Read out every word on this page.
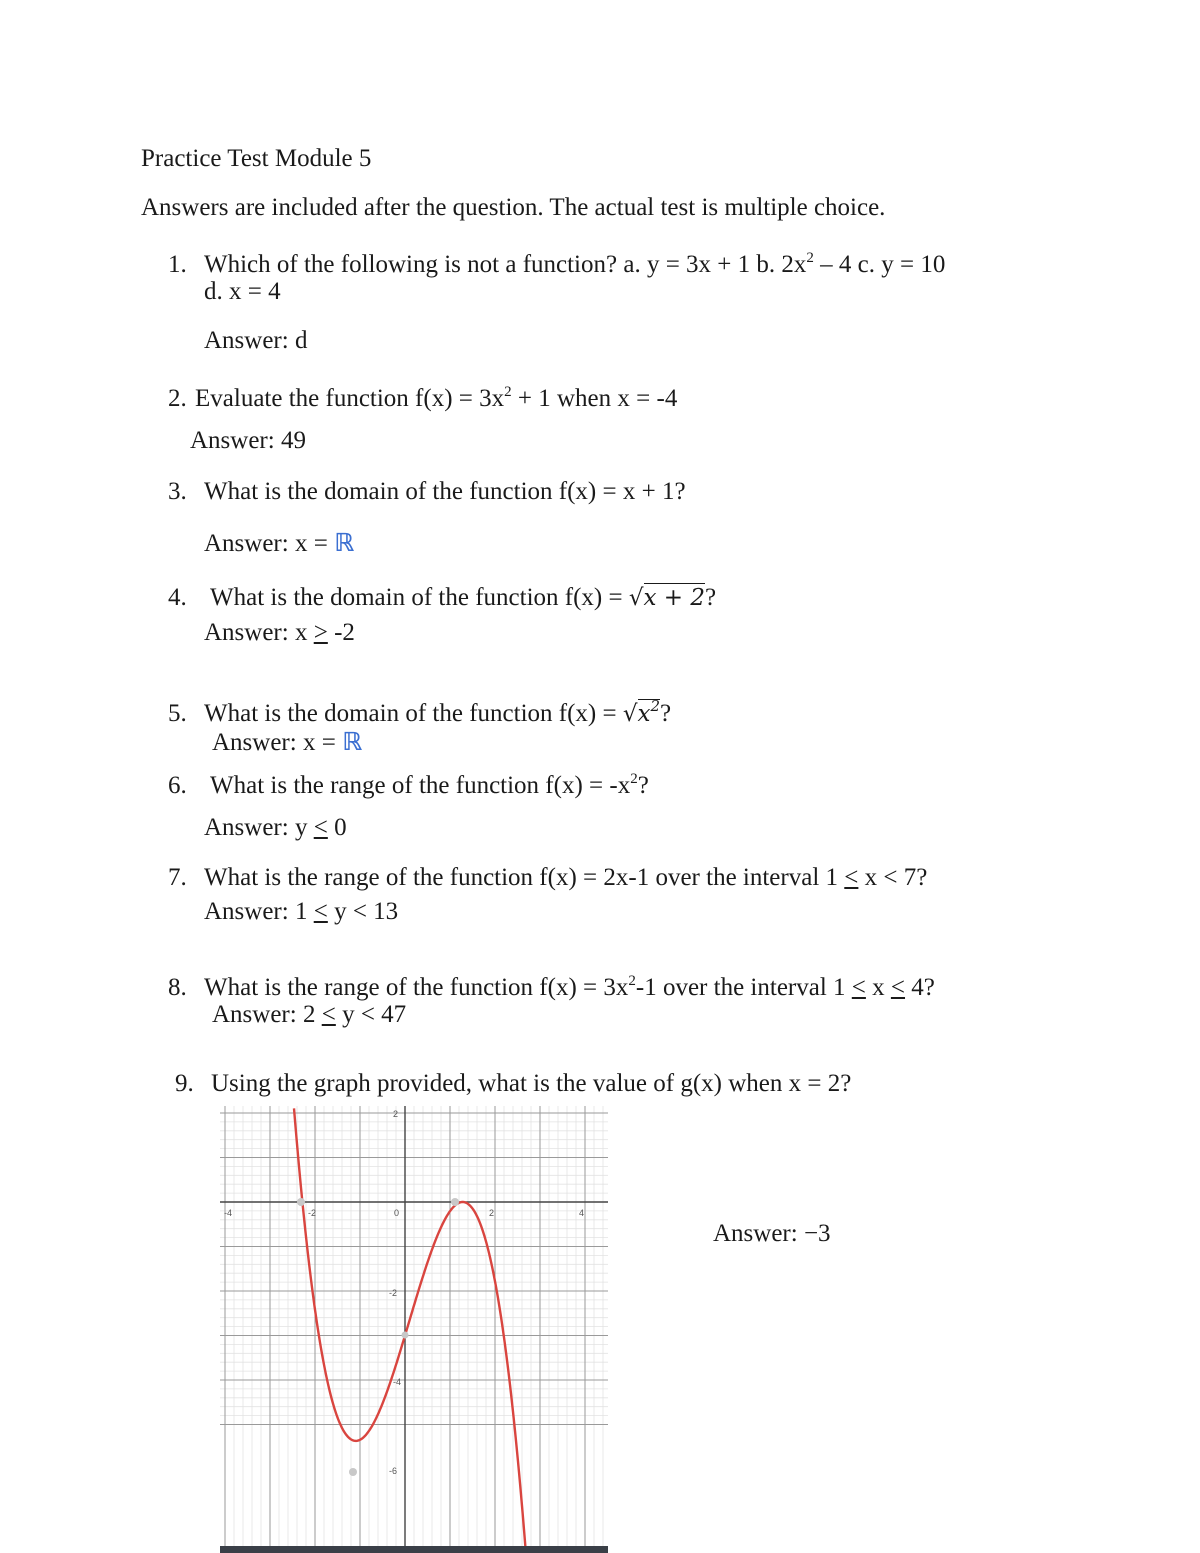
Practice Test Module 5
Answers are included after the question. The actual test is multiple choice.
1. Which of the following is not a function? a. y = 3x + 1 b. $2x^2 - 4$ c. y = 10
d. x = 4
Answer: d
2. Evaluate the function $f(x) = 3x^2 + 1$ when x = -4
Answer: 49
3. What is the domain of the function f(x) = x + 1?
Answer: x = ℝ
4. What is the domain of the function f(x) = √x + 2?
Answer: x ≥ -2
5. What is the domain of the function $f(x) = √x^2$?
Answer: x = ℝ
6. What is the range of the function $f(x) = -x^2$?
Answer: y ≤ 0
7. What is the range of the function f(x) = 2x-1 over the interval 1 ≤ x < 7?
Answer: 1 ≤ y < 13
8. What is the range of the function $f(x) = 3x^2-1$ over the interval 1 ≤ x ≤ 4?
Answer: 2 ≤ y < 47
9. Using the graph provided, what is the value of g(x) when x = 2?
Answer: −3
-4	-2	0	2	4
2
-2
-4
-6
